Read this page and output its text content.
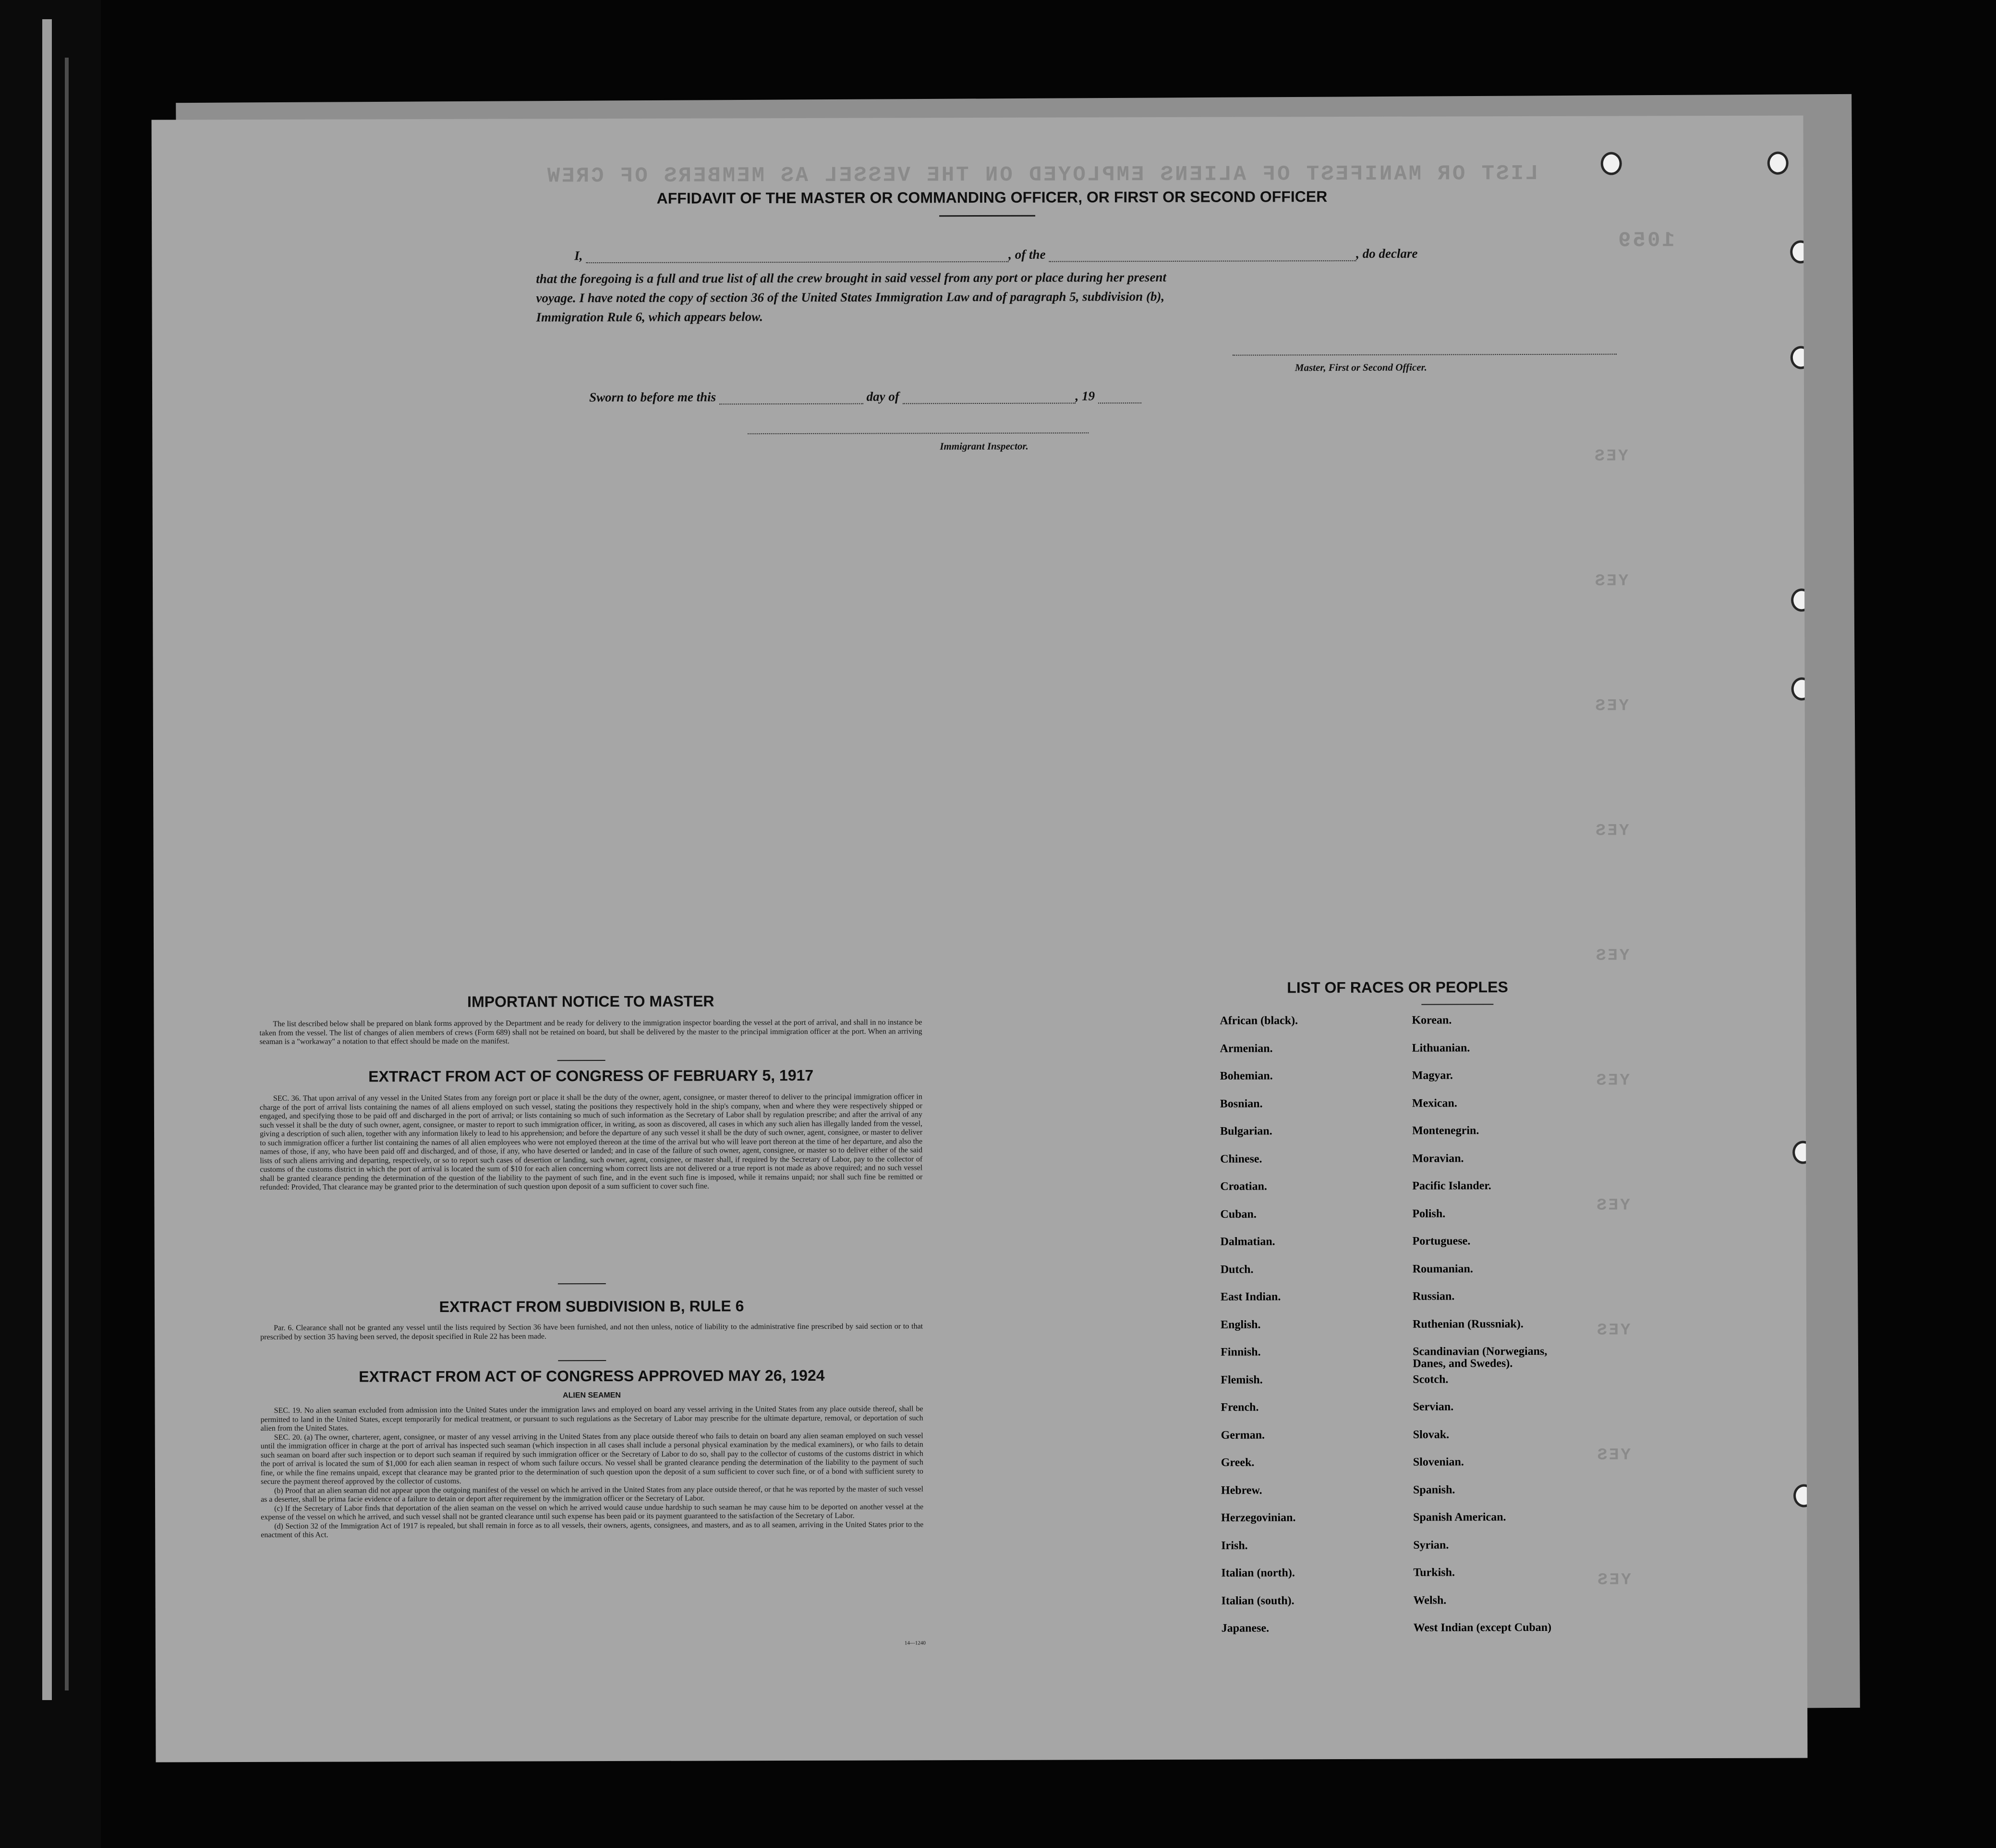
LIST OR MANIFEST OF ALIENS EMPLOYED ON THE VESSEL AS MEMBERS OF CREW
1059
YES
YES
YES
YES
YES
YES
YES
YES
YES
YES
AFFIDAVIT OF THE MASTER OR COMMANDING OFFICER, OR FIRST OR SECOND OFFICER
I,	, of the	, do declare
that the foregoing is a full and true list of all the crew brought in said vessel from any port or place during her present
voyage. I have noted the copy of section 36 of the United States Immigration Law and of paragraph 5, subdivision (b),
Immigration Rule 6, which appears below.
Master, First or Second Officer.
Sworn to before me this	day of	, 19
Immigrant Inspector.
IMPORTANT NOTICE TO MASTER
The list described below shall be prepared on blank forms approved by the Department and be ready for delivery to the immigration inspector boarding the vessel at the port of arrival, and shall in no instance be taken from the vessel. The list of changes of alien members of crews (Form 689) shall not be retained on board, but shall be delivered by the master to the principal immigration officer at the port. When an arriving seaman is a "workaway" a notation to that effect should be made on the manifest.
EXTRACT FROM ACT OF CONGRESS OF FEBRUARY 5, 1917
SEC. 36. That upon arrival of any vessel in the United States from any foreign port or place it shall be the duty of the owner, agent, consignee, or master thereof to deliver to the principal immigration officer in charge of the port of arrival lists containing the names of all aliens employed on such vessel, stating the positions they respectively hold in the ship's company, when and where they were respectively shipped or engaged, and specifying those to be paid off and discharged in the port of arrival; or lists containing so much of such information as the Secretary of Labor shall by regulation prescribe; and after the arrival of any such vessel it shall be the duty of such owner, agent, consignee, or master to report to such immigration officer, in writing, as soon as discovered, all cases in which any such alien has illegally landed from the vessel, giving a description of such alien, together with any information likely to lead to his apprehension; and before the departure of any such vessel it shall be the duty of such owner, agent, consignee, or master to deliver to such immigration officer a further list containing the names of all alien employees who were not employed thereon at the time of the arrival but who will leave port thereon at the time of her departure, and also the names of those, if any, who have been paid off and discharged, and of those, if any, who have deserted or landed; and in case of the failure of such owner, agent, consignee, or master so to deliver either of the said lists of such aliens arriving and departing, respectively, or so to report such cases of desertion or landing, such owner, agent, consignee, or master shall, if required by the Secretary of Labor, pay to the collector of customs of the customs district in which the port of arrival is located the sum of $10 for each alien concerning whom correct lists are not delivered or a true report is not made as above required; and no such vessel shall be granted clearance pending the determination of the question of the liability to the payment of such fine, and in the event such fine is imposed, while it remains unpaid; nor shall such fine be remitted or refunded: Provided, That clearance may be granted prior to the determination of such question upon deposit of a sum sufficient to cover such fine.
EXTRACT FROM SUBDIVISION B, RULE 6
Par. 6. Clearance shall not be granted any vessel until the lists required by Section 36 have been furnished, and not then unless, notice of liability to the administrative fine prescribed by said section or to that prescribed by section 35 having been served, the deposit specified in Rule 22 has been made.
EXTRACT FROM ACT OF CONGRESS APPROVED MAY 26, 1924
ALIEN SEAMEN
SEC. 19. No alien seaman excluded from admission into the United States under the immigration laws and employed on board any vessel arriving in the United States from any place outside thereof, shall be permitted to land in the United States, except temporarily for medical treatment, or pursuant to such regulations as the Secretary of Labor may prescribe for the ultimate departure, removal, or deportation of such alien from the United States.
SEC. 20. (a) The owner, charterer, agent, consignee, or master of any vessel arriving in the United States from any place outside thereof who fails to detain on board any alien seaman employed on such vessel until the immigration officer in charge at the port of arrival has inspected such seaman (which inspection in all cases shall include a personal physical examination by the medical examiners), or who fails to detain such seaman on board after such inspection or to deport such seaman if required by such immigration officer or the Secretary of Labor to do so, shall pay to the collector of customs of the customs district in which the port of arrival is located the sum of $1,000 for each alien seaman in respect of whom such failure occurs. No vessel shall be granted clearance pending the determination of the liability to the payment of such fine, or while the fine remains unpaid, except that clearance may be granted prior to the determination of such question upon the deposit of a sum sufficient to cover such fine, or of a bond with sufficient surety to secure the payment thereof approved by the collector of customs.
(b) Proof that an alien seaman did not appear upon the outgoing manifest of the vessel on which he arrived in the United States from any place outside thereof, or that he was reported by the master of such vessel as a deserter, shall be prima facie evidence of a failure to detain or deport after requirement by the immigration officer or the Secretary of Labor.
(c) If the Secretary of Labor finds that deportation of the alien seaman on the vessel on which he arrived would cause undue hardship to such seaman he may cause him to be deported on another vessel at the expense of the vessel on which he arrived, and such vessel shall not be granted clearance until such expense has been paid or its payment guaranteed to the satisfaction of the Secretary of Labor.
(d) Section 32 of the Immigration Act of 1917 is repealed, but shall remain in force as to all vessels, their owners, agents, consignees, and masters, and as to all seamen, arriving in the United States prior to the enactment of this Act.
14—1240
LIST OF RACES OR PEOPLES
African (black).
Armenian.
Bohemian.
Bosnian.
Bulgarian.
Chinese.
Croatian.
Cuban.
Dalmatian.
Dutch.
East Indian.
English.
Finnish.
Flemish.
French.
German.
Greek.
Hebrew.
Herzegovinian.
Irish.
Italian (north).
Italian (south).
Japanese.
Korean.
Lithuanian.
Magyar.
Mexican.
Montenegrin.
Moravian.
Pacific Islander.
Polish.
Portuguese.
Roumanian.
Russian.
Ruthenian (Russniak).
Scandinavian (Norwegians,
Danes, and Swedes).
Scotch.
Servian.
Slovak.
Slovenian.
Spanish.
Spanish American.
Syrian.
Turkish.
Welsh.
West Indian (except Cuban)
